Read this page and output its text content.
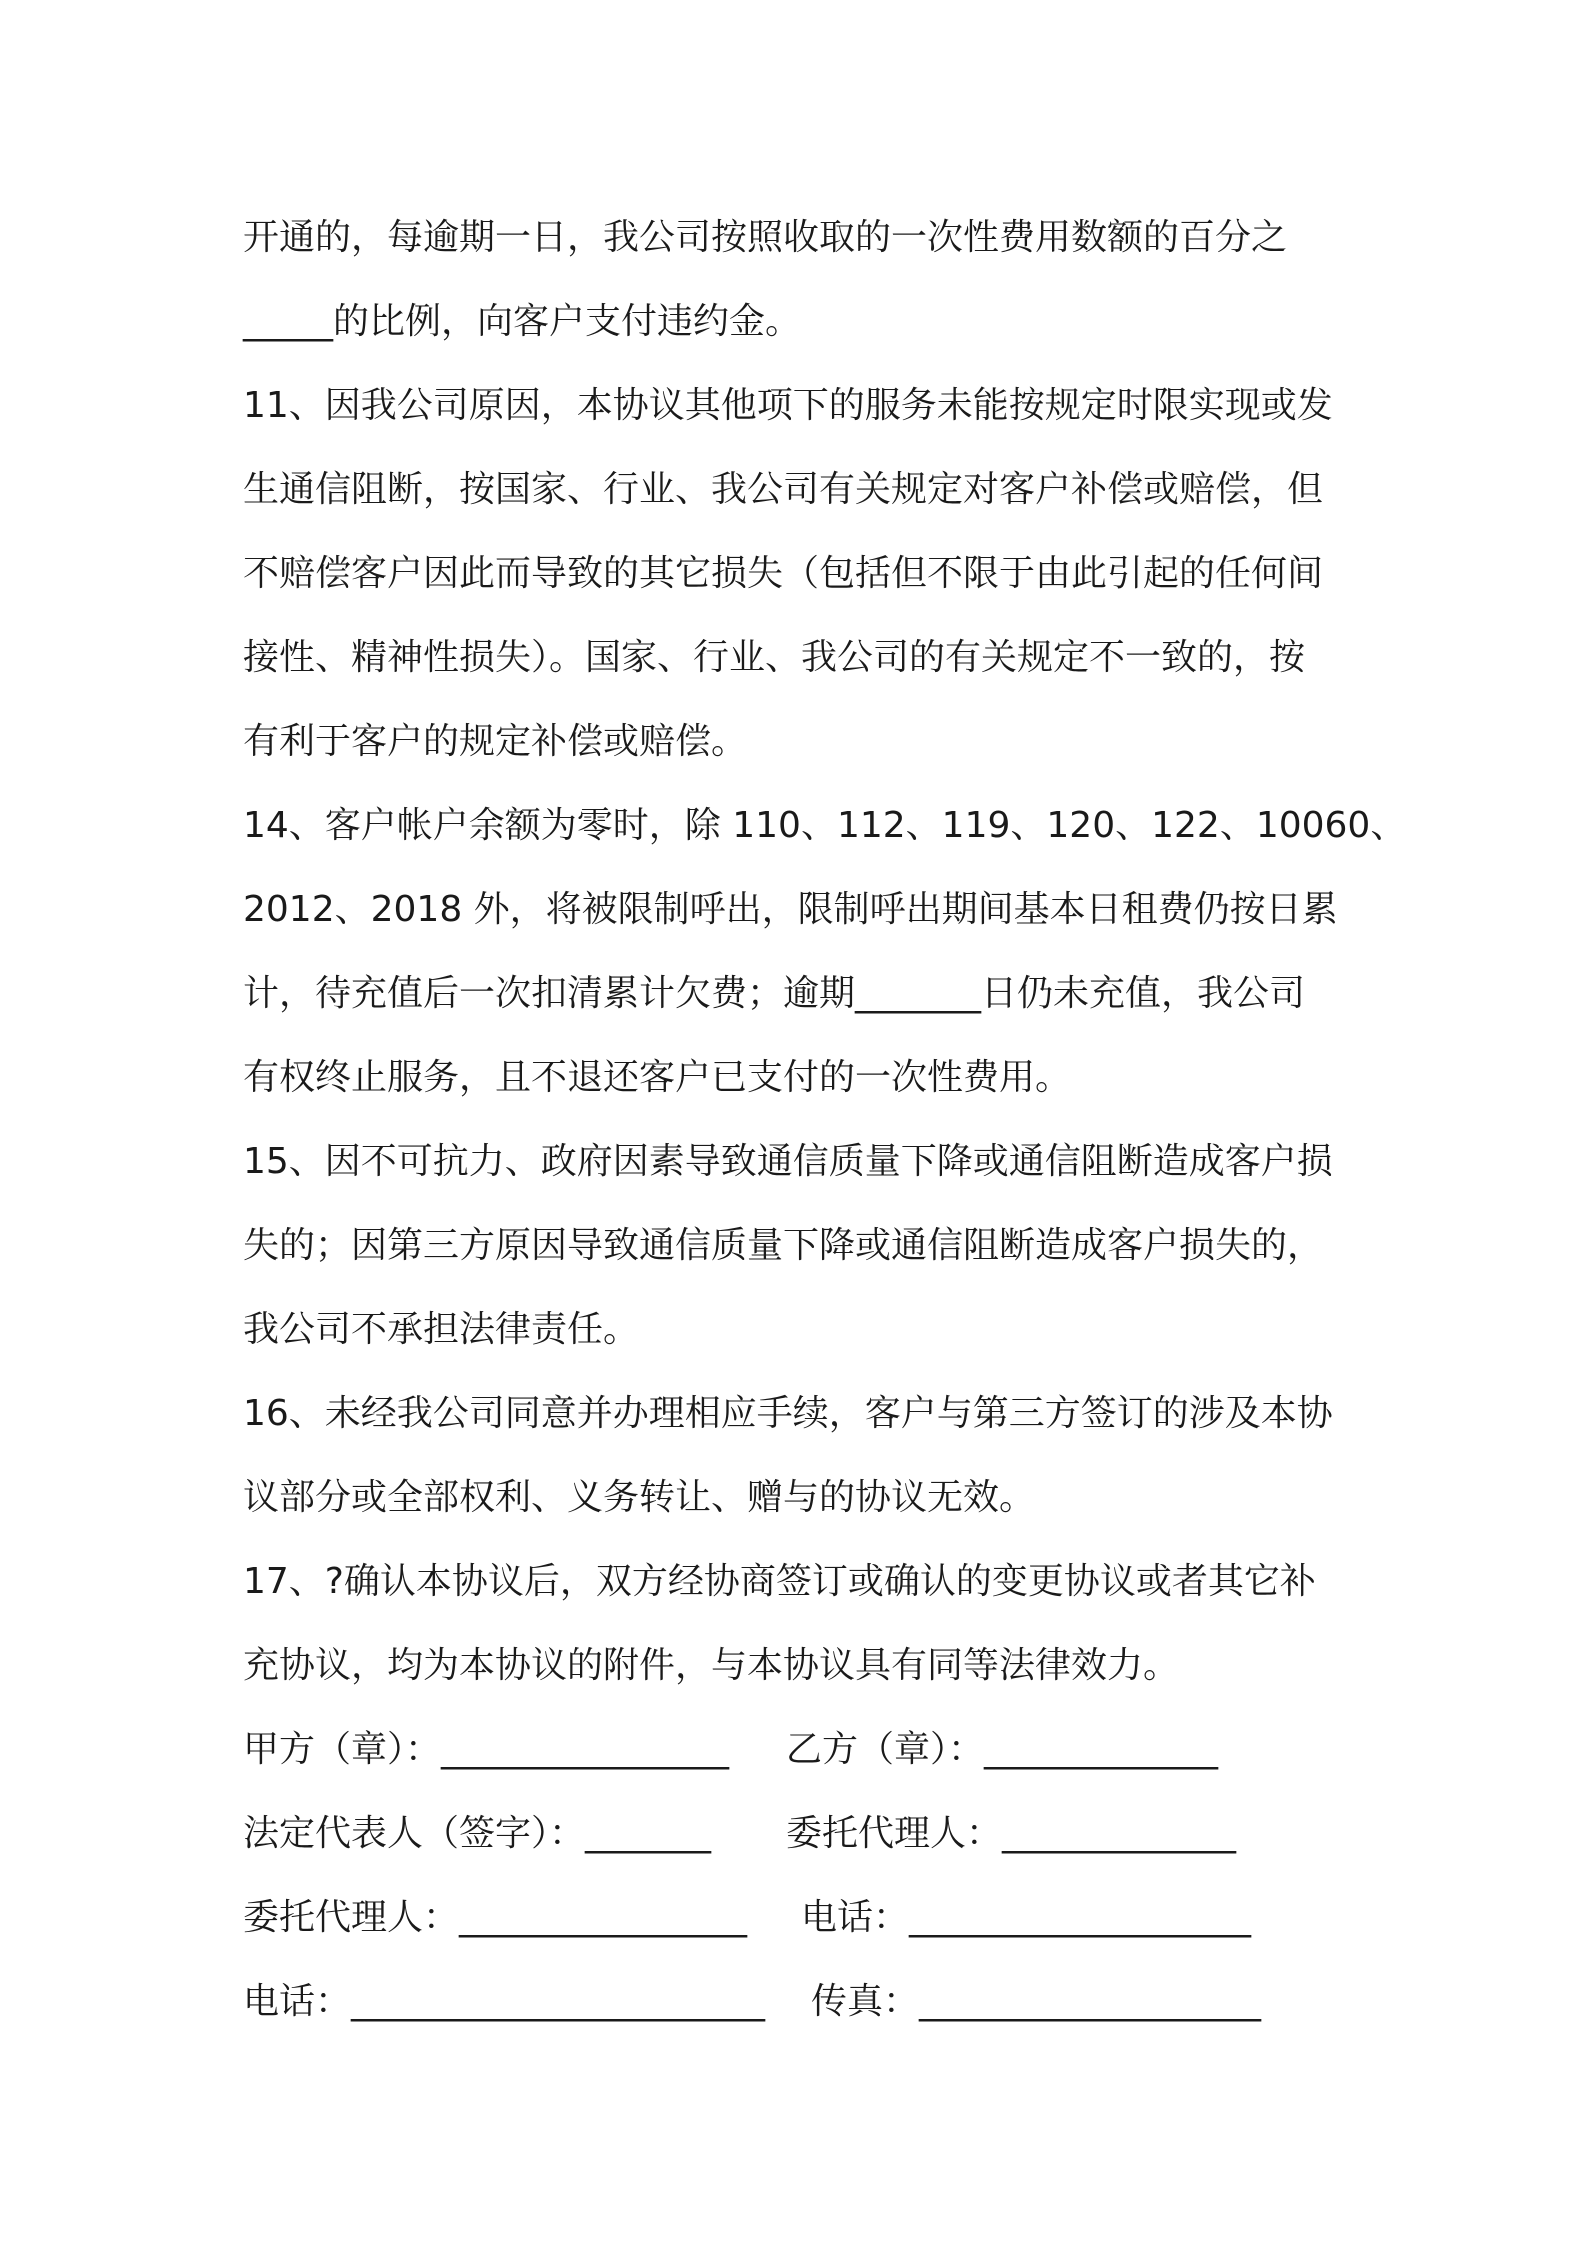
开通的，每逾期一日，我公司按照收取的一次性费用数额的百分之
_____的比例，向客户支付违约金。
11、因我公司原因，本协议其他项下的服务未能按规定时限实现或发
生通信阻断，按国家、行业、我公司有关规定对客户补偿或赔偿，但
不赔偿客户因此而导致的其它损失（包括但不限于由此引起的任何间
接性、精神性损失）。国家、行业、我公司的有关规定不一致的，按
有利于客户的规定补偿或赔偿。
14、客户帐户余额为零时，除 110、112、119、120、122、10060、
2012、2018 外，将被限制呼出，限制呼出期间基本日租费仍按日累
计，待充值后一次扣清累计欠费；逾期_______日仍未充值，我公司
有权终止服务，且不退还客户已支付的一次性费用。
15、因不可抗力、政府因素导致通信质量下降或通信阻断造成客户损
失的；因第三方原因导致通信质量下降或通信阻断造成客户损失的，
我公司不承担法律责任。
16、未经我公司同意并办理相应手续，客户与第三方签订的涉及本协
议部分或全部权利、义务转让、赠与的协议无效。
17、?确认本协议后，双方经协商签订或确认的变更协议或者其它补
充协议，均为本协议的附件，与本协议具有同等法律效力。
甲方（章）：________________ 乙方（章）：_____________
法定代表人（签字）：_______ 委托代理人：_____________
委托代理人：________________ 电话：___________________
电话：_______________________ 传真：___________________
